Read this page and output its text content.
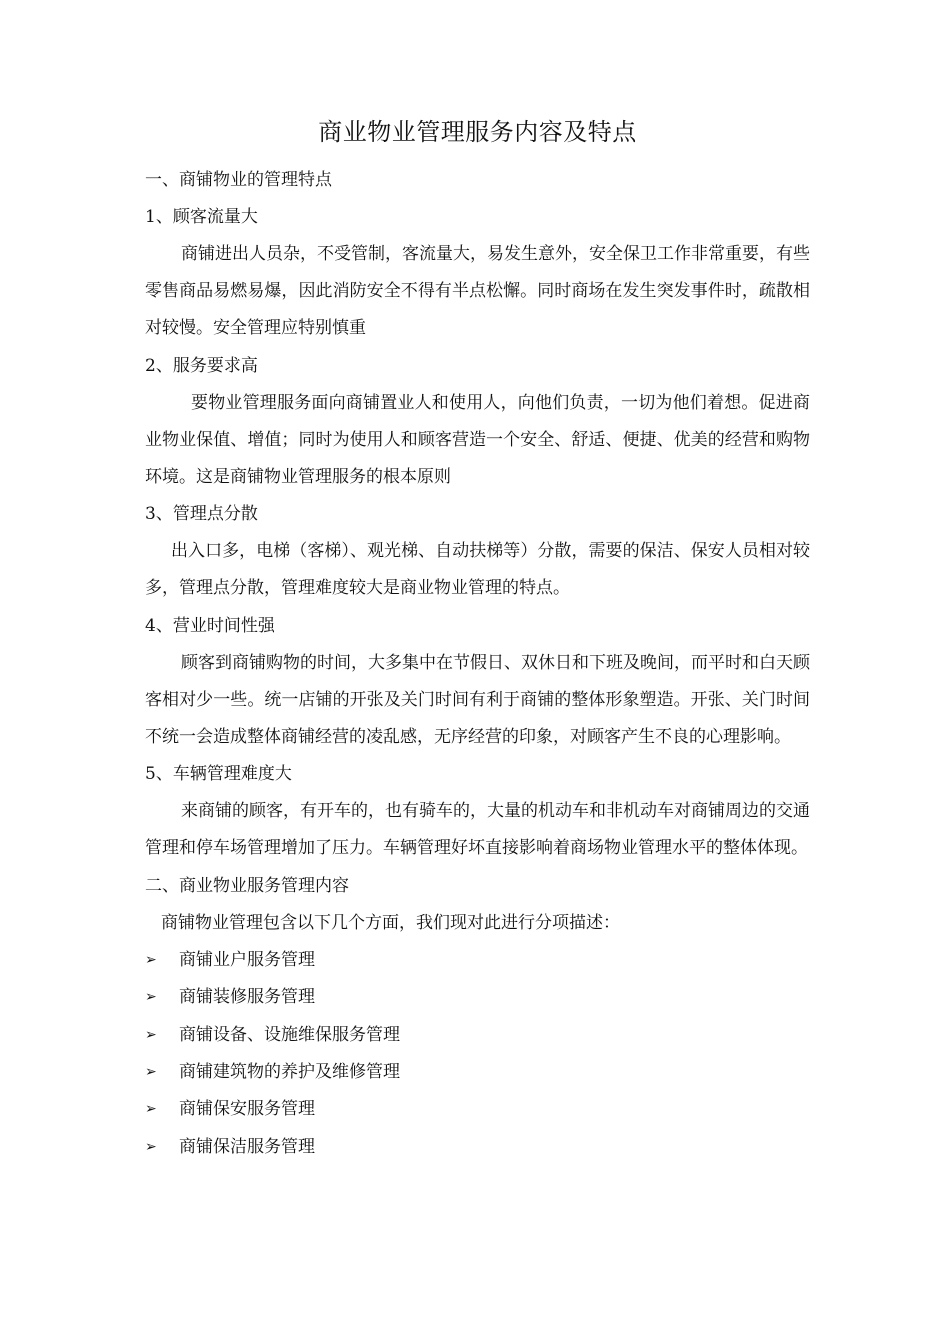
商业物业管理服务内容及特点

一、商铺物业的管理特点

1、顾客流量大

商铺进出人员杂，不受管制，客流量大，易发生意外，安全保卫工作非常重要，有些零售商品易燃易爆，因此消防安全不得有半点松懈。同时商场在发生突发事件时，疏散相对较慢。安全管理应特别慎重

2、服务要求高

要物业管理服务面向商铺置业人和使用人，向他们负责，一切为他们着想。促进商业物业保值、增值；同时为使用人和顾客营造一个安全、舒适、便捷、优美的经营和购物环境。这是商铺物业管理服务的根本原则

3、管理点分散

出入口多，电梯（客梯）、观光梯、自动扶梯等）分散，需要的保洁、保安人员相对较多，管理点分散，管理难度较大是商业物业管理的特点。

4、营业时间性强

顾客到商铺购物的时间，大多集中在节假日、双休日和下班及晚间，而平时和白天顾客相对少一些。统一店铺的开张及关门时间有利于商铺的整体形象塑造。开张、关门时间不统一会造成整体商铺经营的凌乱感，无序经营的印象，对顾客产生不良的心理影响。

5、车辆管理难度大

来商铺的顾客，有开车的，也有骑车的，大量的机动车和非机动车对商铺周边的交通管理和停车场管理增加了压力。车辆管理好坏直接影响着商场物业管理水平的整体体现。

二、商业物业服务管理内容

商铺物业管理包含以下几个方面，我们现对此进行分项描述：

➢	商铺业户服务管理
➢	商铺装修服务管理
➢	商铺设备、设施维保服务管理
➢	商铺建筑物的养护及维修管理
➢	商铺保安服务管理
➢	商铺保洁服务管理
